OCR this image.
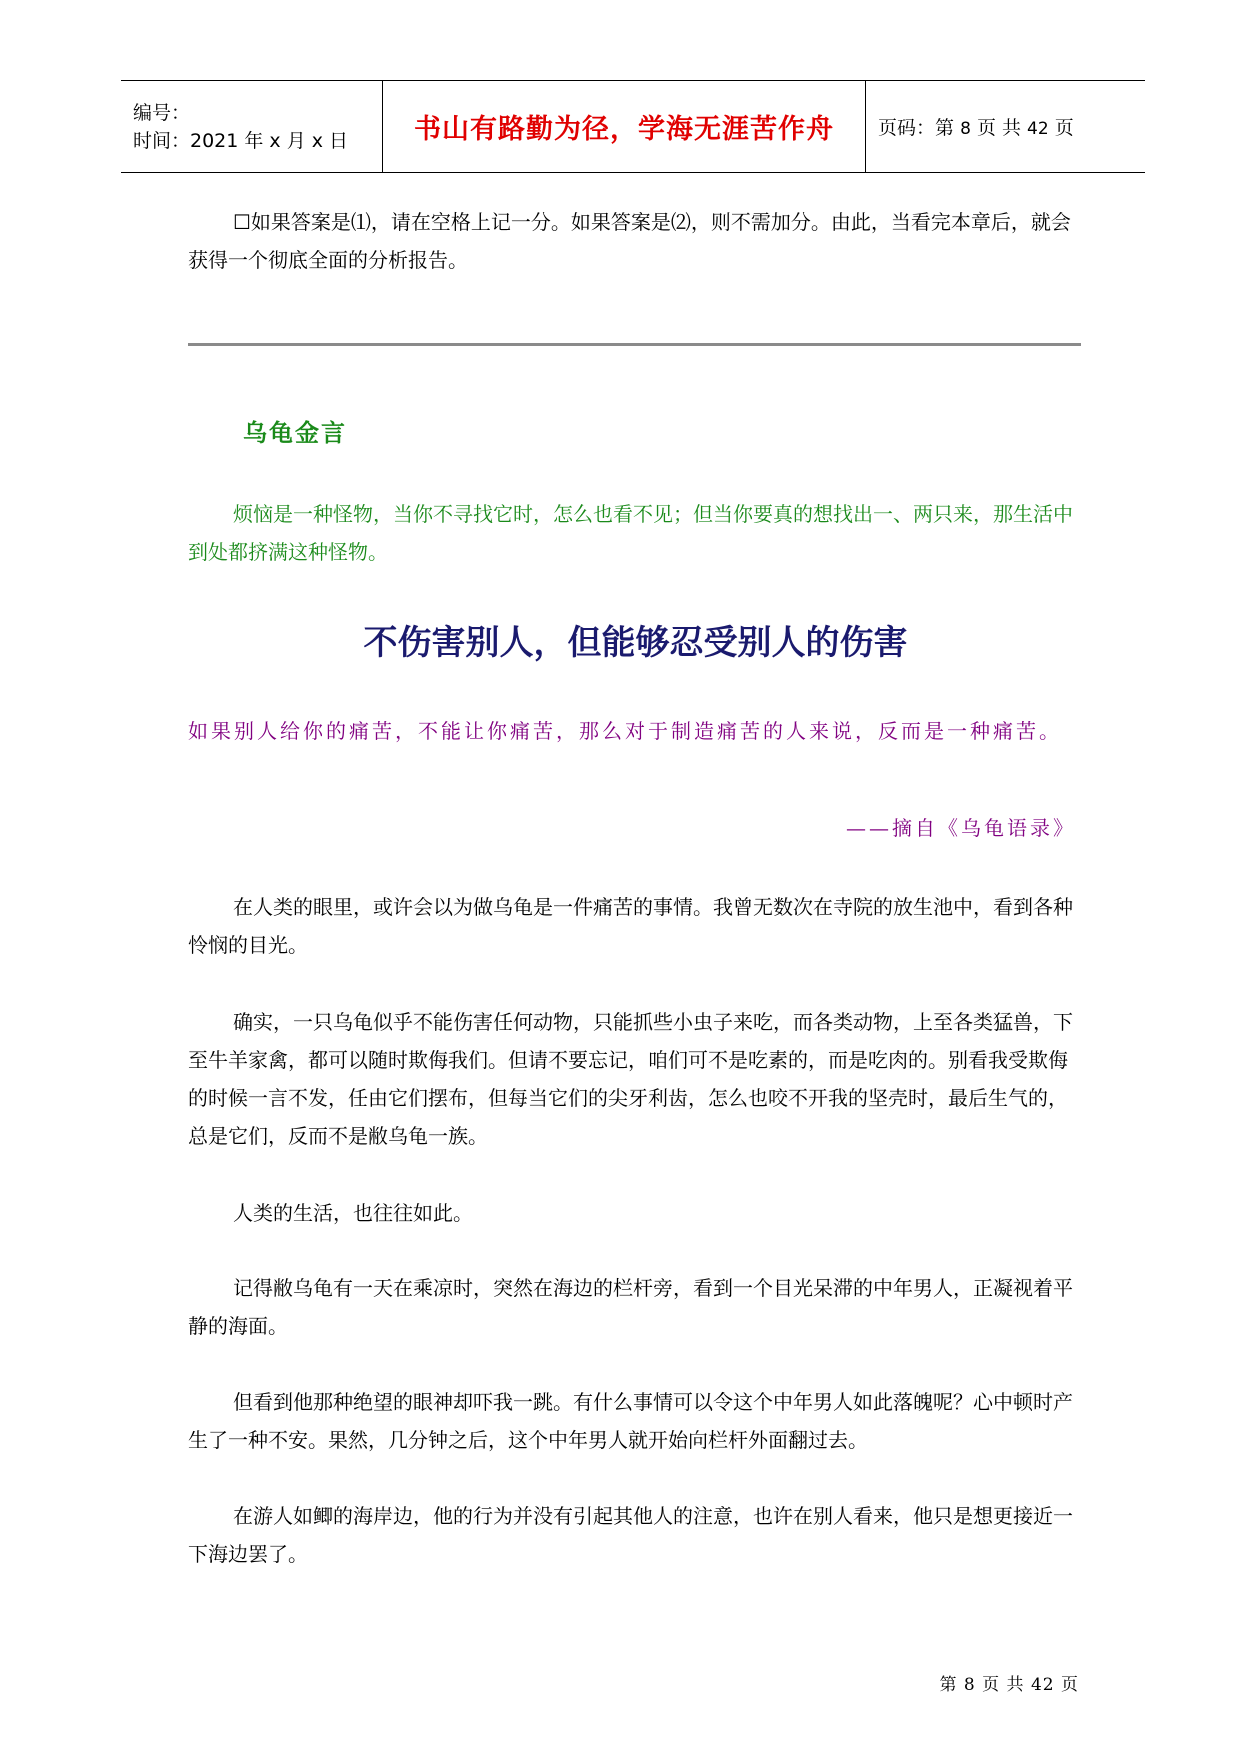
编号：
时间：2021 年 x 月 x 日	书山有路勤为径，学海无涯苦作舟 页码：第 8 页 共 42 页
☐如果答案是⑴，请在空格上记一分。如果答案是⑵，则不需加分。由此，当看完本章后，就会获得一个彻底全面的分析报告。
乌龟金言
烦恼是一种怪物，当你不寻找它时，怎么也看不见；但当你要真的想找出一、两只来，那生活中到处都挤满这种怪物。
不伤害别人，但能够忍受别人的伤害
如果别人给你的痛苦，不能让你痛苦，那么对于制造痛苦的人来说，反而是一种痛苦。
——摘自《乌龟语录》
在人类的眼里，或许会以为做乌龟是一件痛苦的事情。我曾无数次在寺院的放生池中，看到各种怜悯的目光。
确实，一只乌龟似乎不能伤害任何动物，只能抓些小虫子来吃，而各类动物，上至各类猛兽，下至牛羊家禽，都可以随时欺侮我们。但请不要忘记，咱们可不是吃素的，而是吃肉的。别看我受欺侮的时候一言不发，任由它们摆布，但每当它们的尖牙利齿，怎么也咬不开我的坚壳时，最后生气的，总是它们，反而不是敝乌龟一族。
人类的生活，也往往如此。
记得敝乌龟有一天在乘凉时，突然在海边的栏杆旁，看到一个目光呆滞的中年男人，正凝视着平静的海面。
但看到他那种绝望的眼神却吓我一跳。有什么事情可以令这个中年男人如此落魄呢？心中顿时产生了一种不安。果然，几分钟之后，这个中年男人就开始向栏杆外面翻过去。
在游人如鲫的海岸边，他的行为并没有引起其他人的注意，也许在别人看来，他只是想更接近一下海边罢了。
第 8 页 共 42 页
